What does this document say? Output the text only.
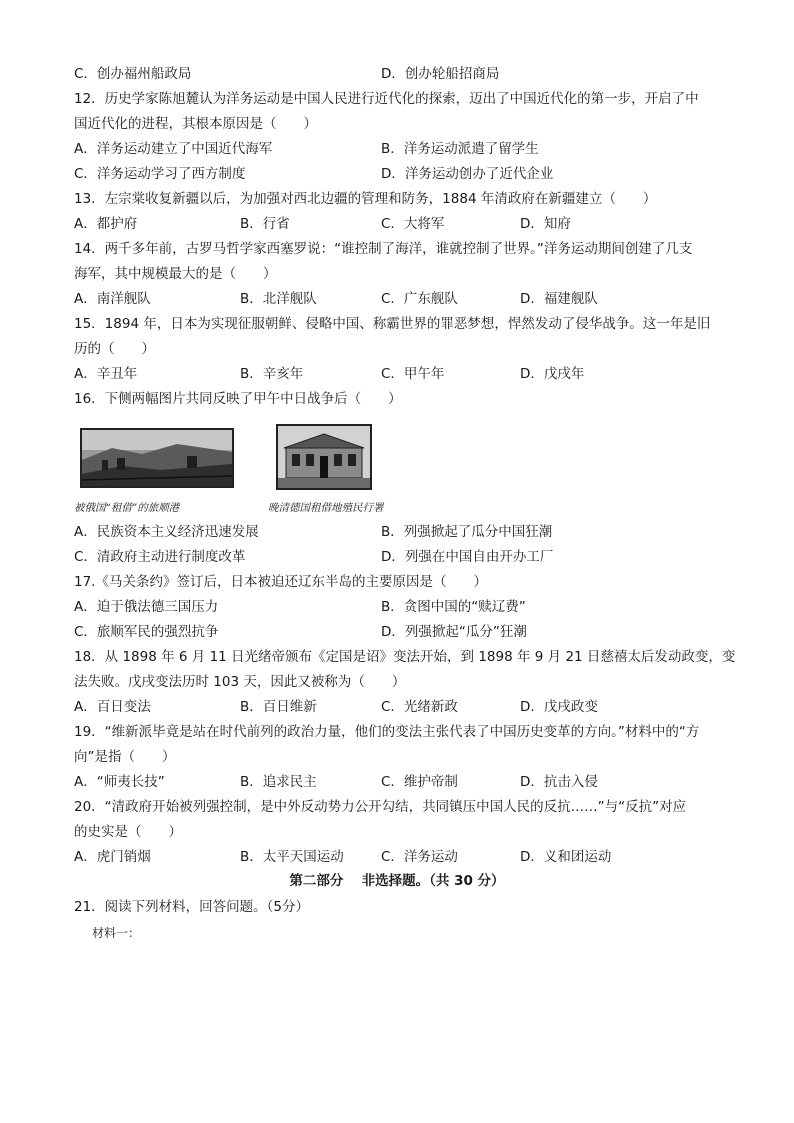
C．创办福州船政局	D．创办轮船招商局
12．历史学家陈旭麓认为洋务运动是中国人民进行近代化的探索，迈出了中国近代化的第一步，开启了中
国近代化的进程，其根本原因是（　　）
A．洋务运动建立了中国近代海军	B．洋务运动派遣了留学生
C．洋务运动学习了西方制度	D．洋务运动创办了近代企业
13．左宗棠收复新疆以后，为加强对西北边疆的管理和防务，1884 年清政府在新疆建立（　　）
A．都护府	B．行省	C．大将军	D．知府
14．两千多年前，古罗马哲学家西塞罗说：“谁控制了海洋，谁就控制了世界。”洋务运动期间创建了几支
海军，其中规模最大的是（　　）
A．南洋舰队	B．北洋舰队	C．广东舰队	D．福建舰队
15．1894 年，日本为实现征服朝鲜、侵略中国、称霸世界的罪恶梦想，悍然发动了侵华战争。这一年是旧
历的（　　）
A．辛丑年	B．辛亥年	C．甲午年	D．戊戌年
16．下侧两幅图片共同反映了甲午中日战争后（　　）
被俄国“租借”的旅顺港	晚清德国租借地殖民行署
A．民族资本主义经济迅速发展	B．列强掀起了瓜分中国狂潮
C．清政府主动进行制度改革	D．列强在中国自由开办工厂
17.《马关条约》签订后，日本被迫还辽东半岛的主要原因是（　　）
A．迫于俄法德三国压力	B．贪图中国的“赎辽费”
C．旅顺军民的强烈抗争	D．列强掀起“瓜分”狂潮
18．从 1898 年 6 月 11 日光绪帝颁布《定国是诏》变法开始，到 1898 年 9 月 21 日慈禧太后发动政变，变
法失败。戊戌变法历时 103 天，因此又被称为（　　）
A．百日变法	B．百日维新	C．光绪新政	D．戊戌政变
19．“维新派毕竟是站在时代前列的政治力量，他们的变法主张代表了中国历史变革的方向。”材料中的“方
向”是指（　　）
A．“师夷长技”	B．追求民主	C．维护帝制	D．抗击入侵
20．“清政府开始被列强控制，是中外反动势力公开勾结，共同镇压中国人民的反抗……”与“反抗”对应
的史实是（　　）
A．虎门销烟	B．太平天国运动	C．洋务运动	D．义和团运动
第二部分　 非选择题。（共 30 分）
21．阅读下列材料，回答问题。（5分）
材料一：
